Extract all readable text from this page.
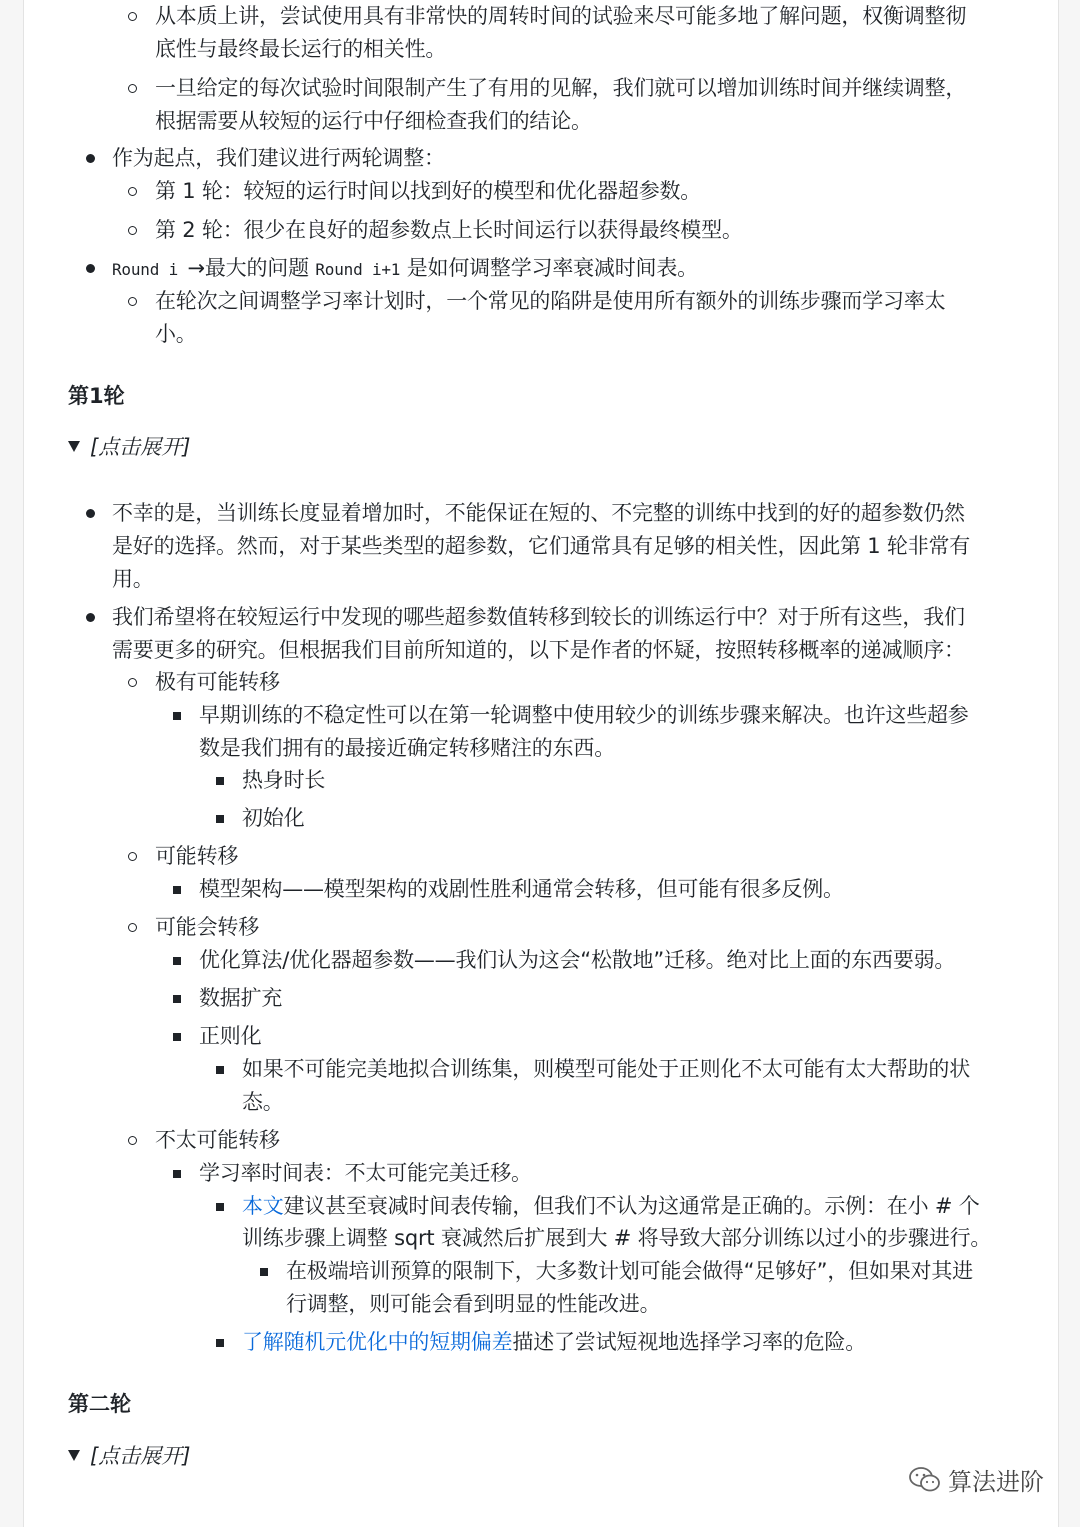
从本质上讲，尝试使用具有非常快的周转时间的试验来尽可能多地了解问题，权衡调整彻
底性与最终最长运行的相关性。
一旦给定的每次试验时间限制产生了有用的见解，我们就可以增加训练时间并继续调整，
根据需要从较短的运行中仔细检查我们的结论。
作为起点，我们建议进行两轮调整：
第 1 轮：较短的运行时间以找到好的模型和优化器超参数。
第 2 轮：很少在良好的超参数点上长时间运行以获得最终模型。
Round i →最大的问题 Round i+1 是如何调整学习率衰减时间表。
在轮次之间调整学习率计划时，一个常见的陷阱是使用所有额外的训练步骤而学习率太
小。
不幸的是，当训练长度显着增加时，不能保证在短的、不完整的训练中找到的好的超参数仍然
是好的选择。然而，对于某些类型的超参数，它们通常具有足够的相关性，因此第 1 轮非常有
用。
我们希望将在较短运行中发现的哪些超参数值转移到较长的训练运行中？对于所有这些，我们
需要更多的研究。但根据我们目前所知道的，以下是作者的怀疑，按照转移概率的递减顺序：
极有可能转移
早期训练的不稳定性可以在第一轮调整中使用较少的训练步骤来解决。也许这些超参
数是我们拥有的最接近确定转移赌注的东西。
热身时长
初始化
可能转移
模型架构——模型架构的戏剧性胜利通常会转移，但可能有很多反例。
可能会转移
优化算法/优化器超参数——我们认为这会“松散地”迁移。绝对比上面的东西要弱。
数据扩充
正则化
如果不可能完美地拟合训练集，则模型可能处于正则化不太可能有太大帮助的状
态。
不太可能转移
学习率时间表：不太可能完美迁移。
本文建议甚至衰减时间表传输，但我们不认为这通常是正确的。示例：在小 # 个
训练步骤上调整 sqrt 衰减然后扩展到大 # 将导致大部分训练以过小的步骤进行。
在极端培训预算的限制下，大多数计划可能会做得“足够好”，但如果对其进
行调整，则可能会看到明显的性能改进。
了解随机元优化中的短期偏差描述了尝试短视地选择学习率的危险。
第1轮
第二轮
[点击展开]
[点击展开]
算法进阶
